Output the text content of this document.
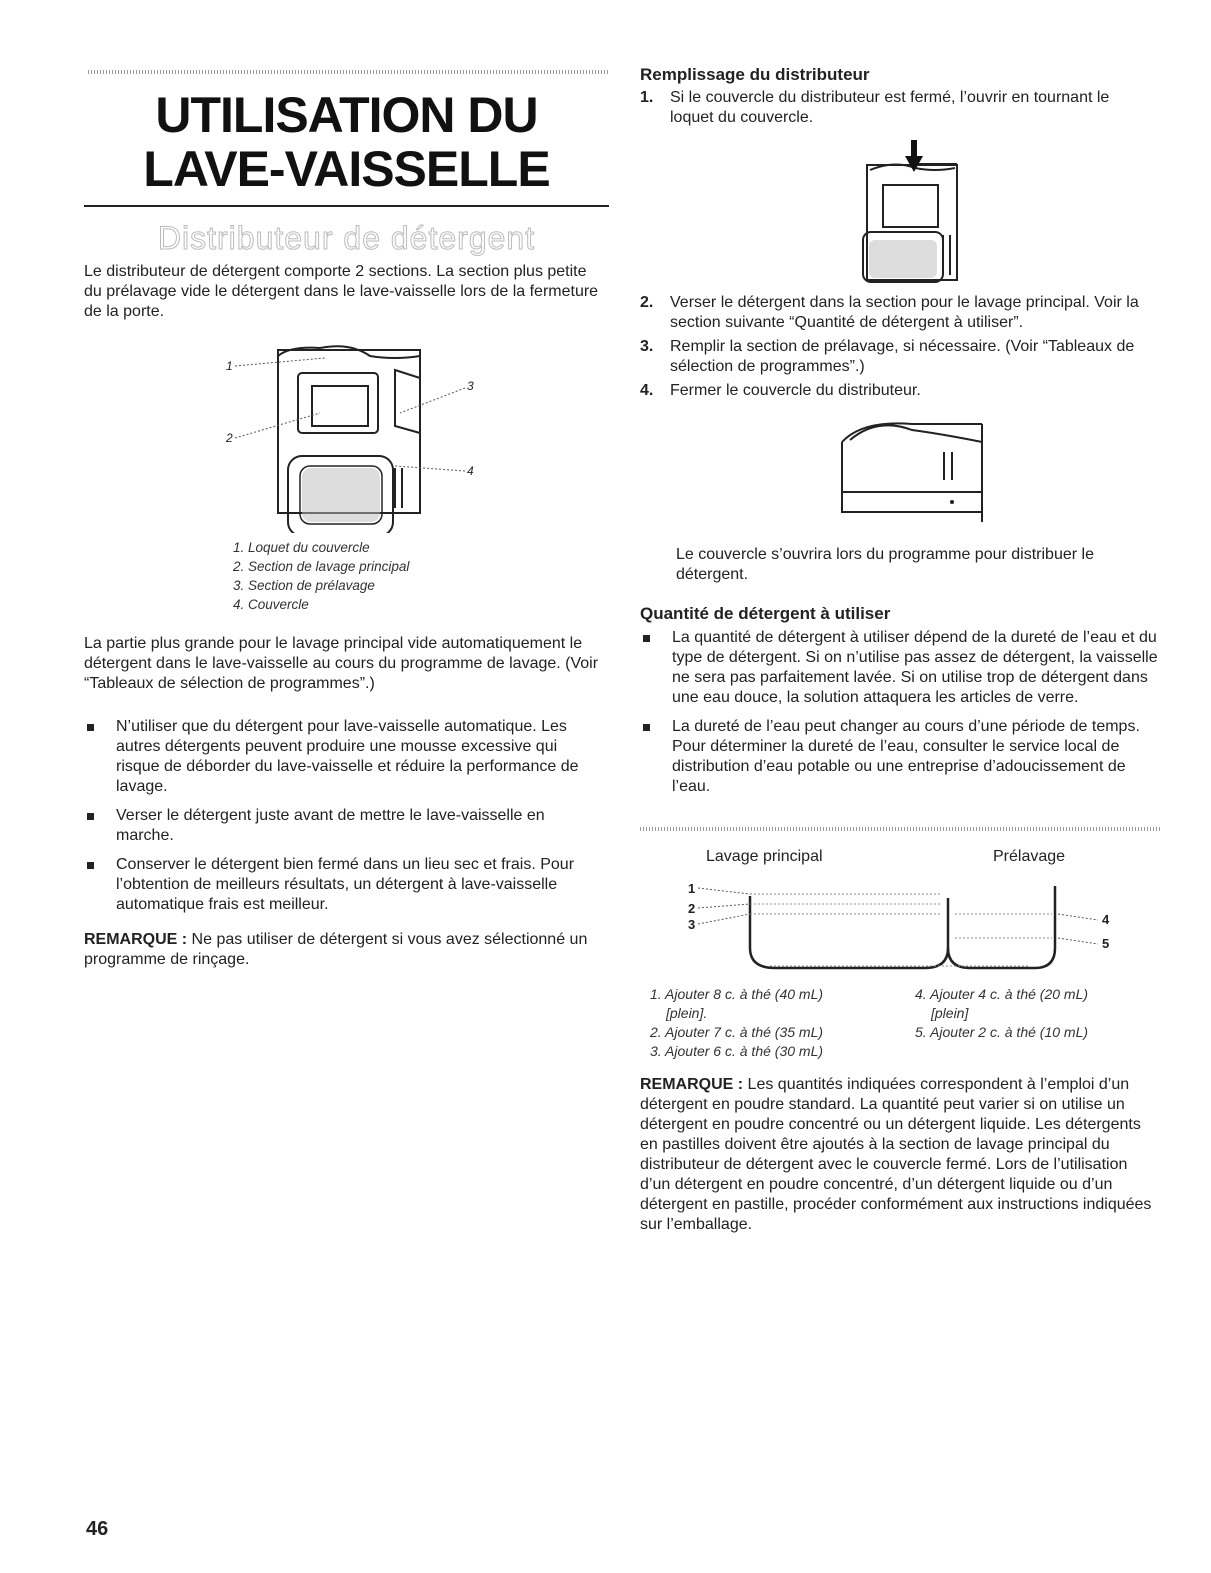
UTILISATION DU
LAVE-VAISSELLE
Distributeur de détergent
Le distributeur de détergent comporte 2 sections. La section plus petite du prélavage vide le détergent dans le lave-vaisselle lors de la fermeture de la porte.
1
2
3
4
1. Loquet du couvercle
2. Section de lavage principal
3. Section de prélavage
4. Couvercle
La partie plus grande pour le lavage principal vide automatiquement le détergent dans le lave-vaisselle au cours du programme de lavage. (Voir “Tableaux de sélection de programmes”.)
N’utiliser que du détergent pour lave-vaisselle automatique. Les autres détergents peuvent produire une mousse excessive qui risque de déborder du lave-vaisselle et réduire la performance de lavage.
Verser le détergent juste avant de mettre le lave-vaisselle en marche.
Conserver le détergent bien fermé dans un lieu sec et frais. Pour l’obtention de meilleurs résultats, un détergent à lave-vaisselle automatique frais est meilleur.
REMARQUE : Ne pas utiliser de détergent si vous avez sélectionné un programme de rinçage.
Remplissage du distributeur
1. Si le couvercle du distributeur est fermé, l’ouvrir en tournant le loquet du couvercle.
2. Verser le détergent dans la section pour le lavage principal. Voir la section suivante “Quantité de détergent à utiliser”.
3. Remplir la section de prélavage, si nécessaire. (Voir “Tableaux de sélection de programmes”.)
4. Fermer le couvercle du distributeur.
Le couvercle s’ouvrira lors du programme pour distribuer le détergent.
Quantité de détergent à utiliser
La quantité de détergent à utiliser dépend de la dureté de l’eau et du type de détergent. Si on n’utilise pas assez de détergent, la vaisselle ne sera pas parfaitement lavée. Si on utilise trop de détergent dans une eau douce, la solution attaquera les articles de verre.
La dureté de l’eau peut changer au cours d’une période de temps. Pour déterminer la dureté de l’eau, consulter le service local de distribution d’eau potable ou une entreprise d’adoucissement de l’eau.
Lavage principal	Prélavage
1
2
3	4
5
1. Ajouter 8 c. à thé (40 mL)
[plein].
2. Ajouter 7 c. à thé (35 mL)
3. Ajouter 6 c. à thé (30 mL)
4. Ajouter 4 c. à thé (20 mL)
[plein]
5. Ajouter 2 c. à thé (10 mL)
REMARQUE : Les quantités indiquées correspondent à l’emploi d’un détergent en poudre standard. La quantité peut varier si on utilise un détergent en poudre concentré ou un détergent liquide. Les détergents en pastilles doivent être ajoutés à la section de lavage principal du distributeur de détergent avec le couvercle fermé. Lors de l’utilisation d’un détergent en poudre concentré, d’un détergent liquide ou d’un détergent en pastille, procéder conformément aux instructions indiquées sur l’emballage.
46
